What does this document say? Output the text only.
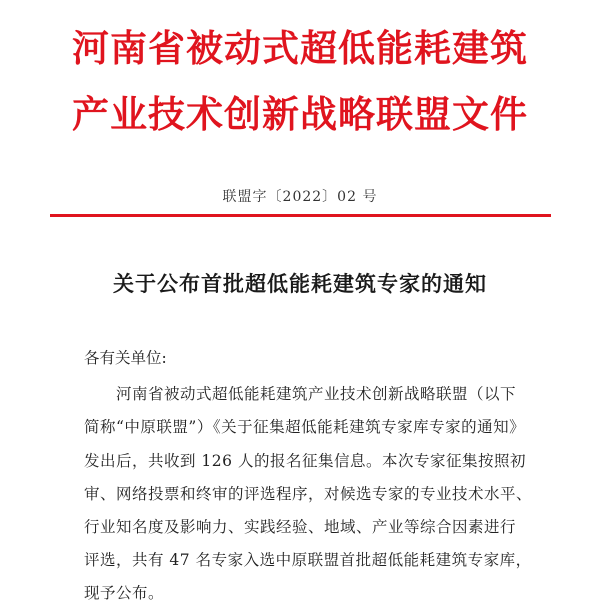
河南省被动式超低能耗建筑
产业技术创新战略联盟文件
联盟字〔2022〕02 号
关于公布首批超低能耗建筑专家的通知
各有关单位:
河南省被动式超低能耗建筑产业技术创新战略联盟（以下
简称“中原联盟”）《关于征集超低能耗建筑专家库专家的通知》
发出后，共收到 126 人的报名征集信息。本次专家征集按照初
审、网络投票和终审的评选程序，对候选专家的专业技术水平、
行业知名度及影响力、实践经验、地域、产业等综合因素进行
评选，共有 47 名专家入选中原联盟首批超低能耗建筑专家库，
现予公布。
